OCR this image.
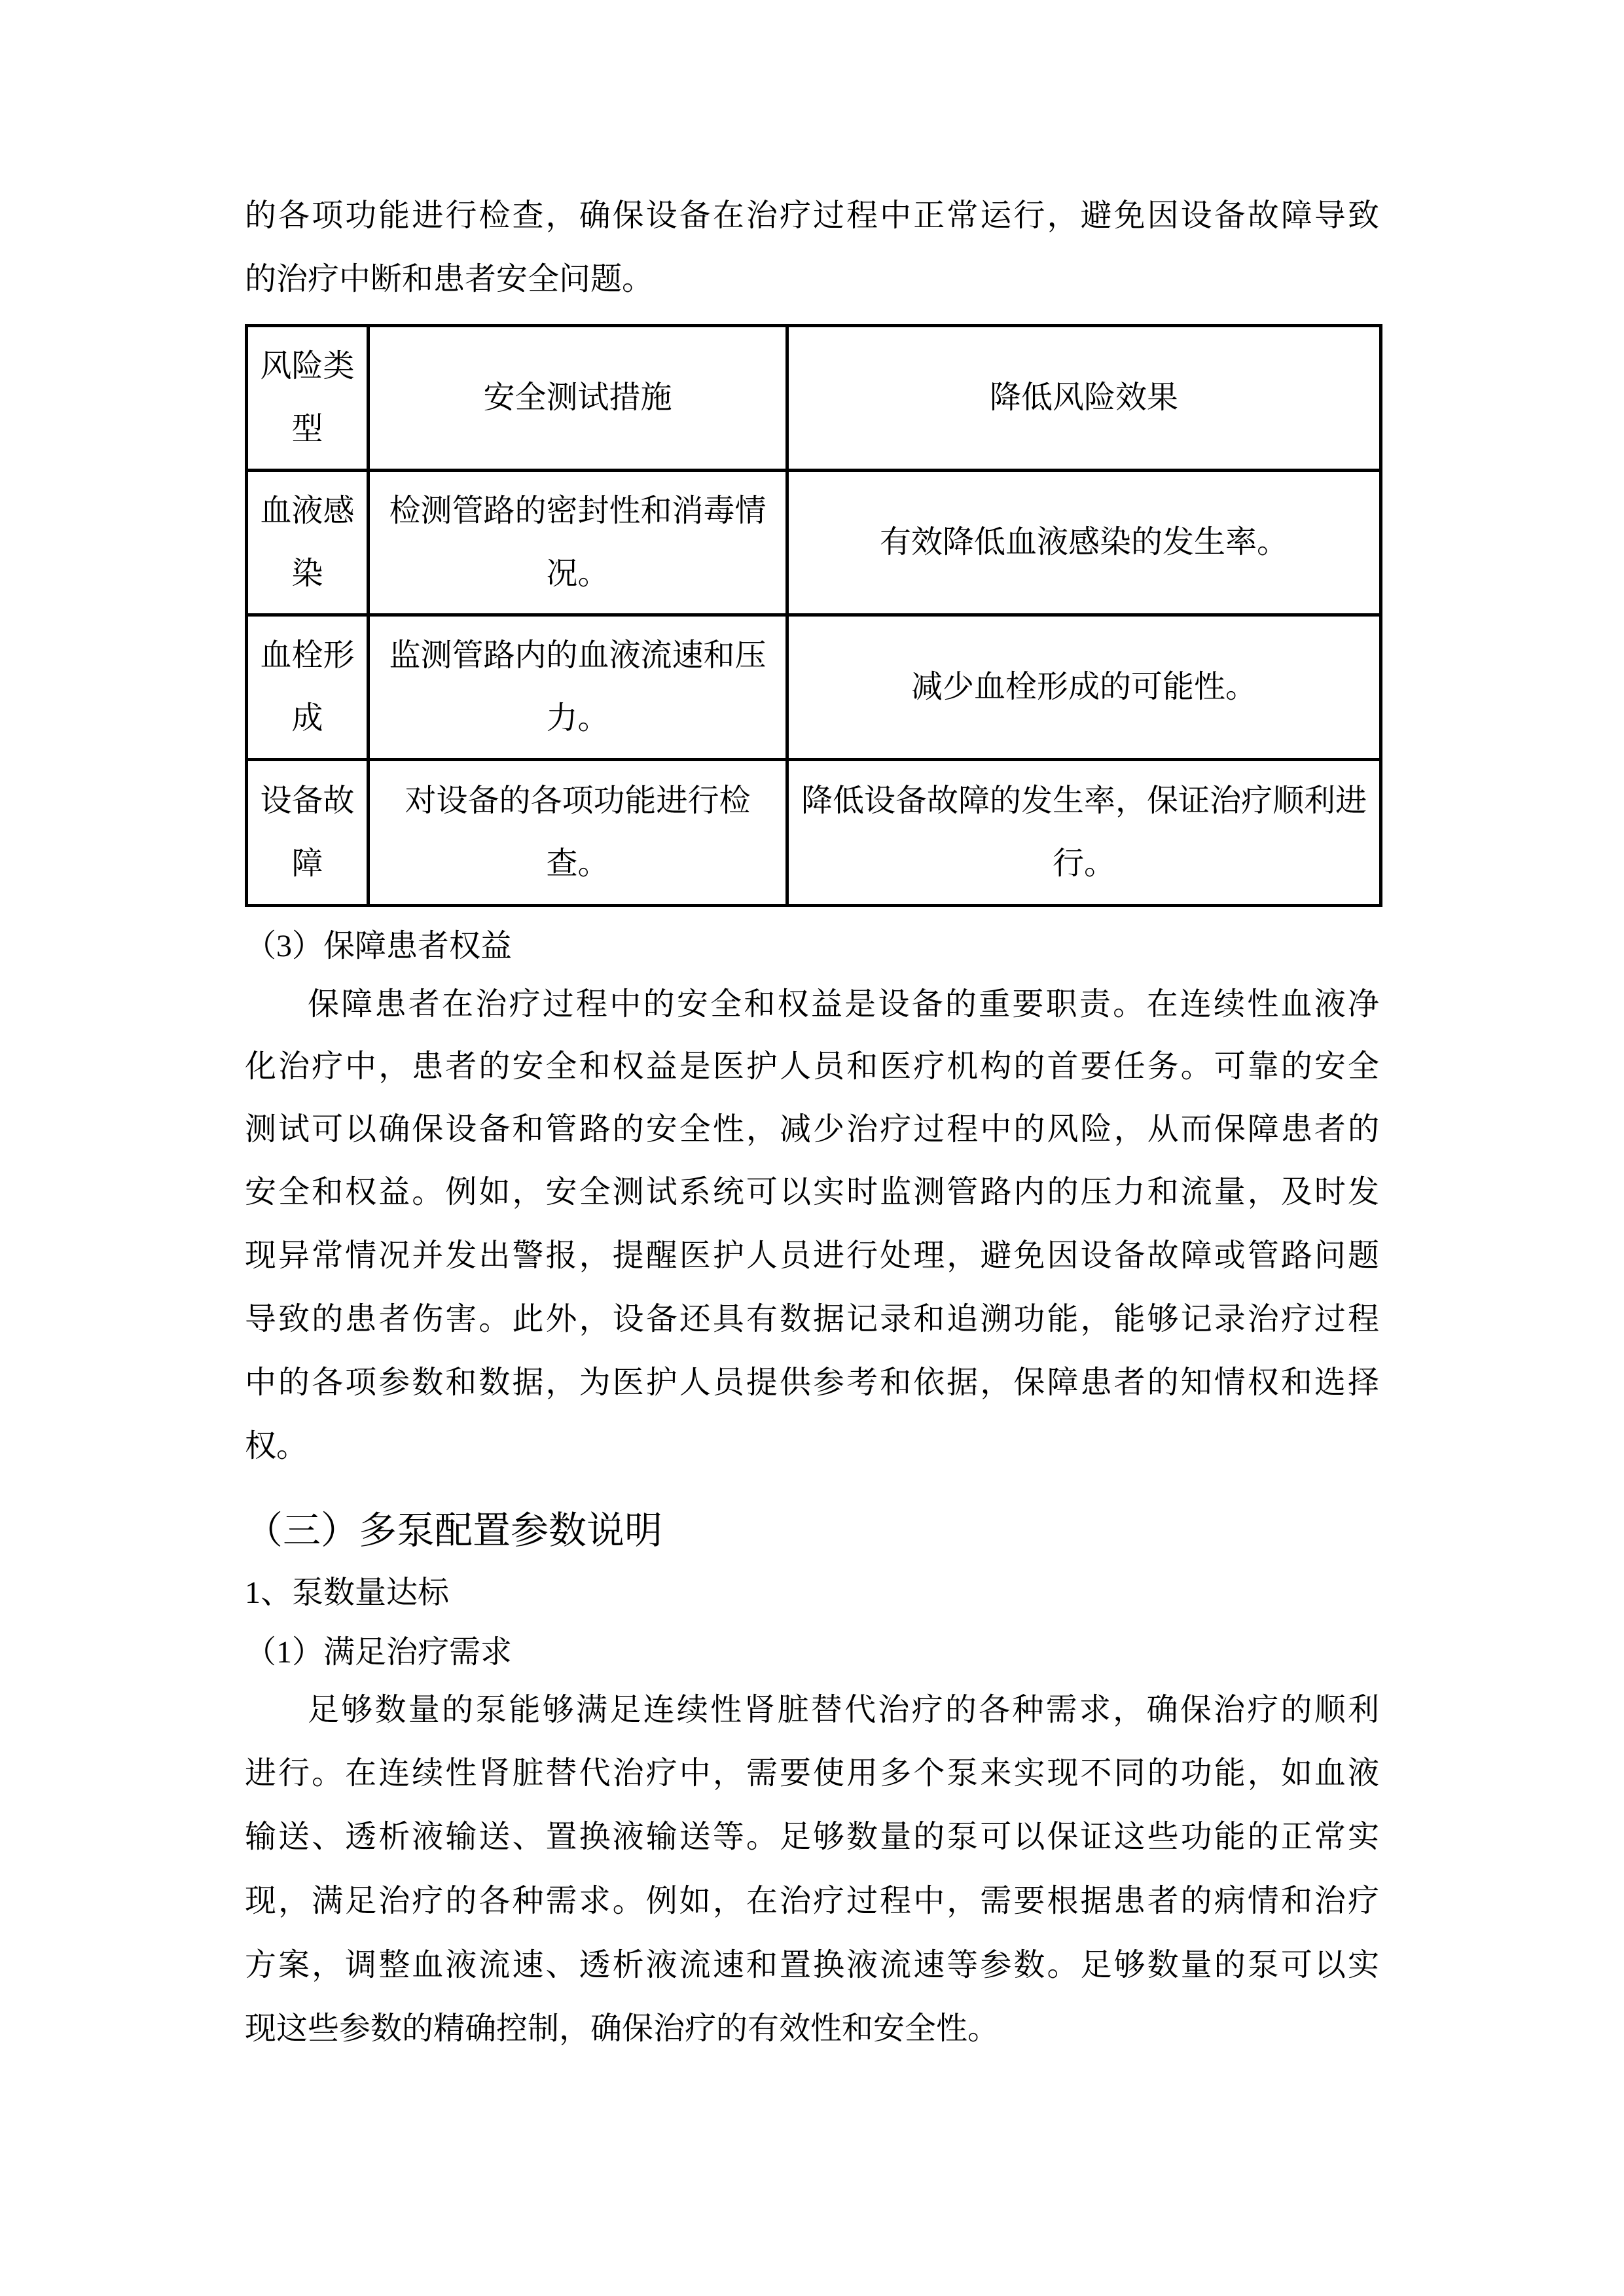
的各项功能进行检查，确保设备在治疗过程中正常运行，避免因设备故障导致
的治疗中断和患者安全问题。
风险类型	安全测试措施	降低风险效果

血液感染	检测管路的密封性和消毒情况。	有效降低血液感染的发生率。

血栓形成	监测管路内的血液流速和压力。	减少血栓形成的可能性。

设备故障	对设备的各项功能进行检查。	降低设备故障的发生率，保证治疗顺利进行。
（3）保障患者权益
保障患者在治疗过程中的安全和权益是设备的重要职责。在连续性血液净
化治疗中，患者的安全和权益是医护人员和医疗机构的首要任务。可靠的安全
测试可以确保设备和管路的安全性，减少治疗过程中的风险，从而保障患者的
安全和权益。例如，安全测试系统可以实时监测管路内的压力和流量，及时发
现异常情况并发出警报，提醒医护人员进行处理，避免因设备故障或管路问题
导致的患者伤害。此外，设备还具有数据记录和追溯功能，能够记录治疗过程
中的各项参数和数据，为医护人员提供参考和依据，保障患者的知情权和选择
权。
（三）多泵配置参数说明
1、泵数量达标
（1）满足治疗需求
足够数量的泵能够满足连续性肾脏替代治疗的各种需求，确保治疗的顺利
进行。在连续性肾脏替代治疗中，需要使用多个泵来实现不同的功能，如血液
输送、透析液输送、置换液输送等。足够数量的泵可以保证这些功能的正常实
现，满足治疗的各种需求。例如，在治疗过程中，需要根据患者的病情和治疗
方案，调整血液流速、透析液流速和置换液流速等参数。足够数量的泵可以实
现这些参数的精确控制，确保治疗的有效性和安全性。
